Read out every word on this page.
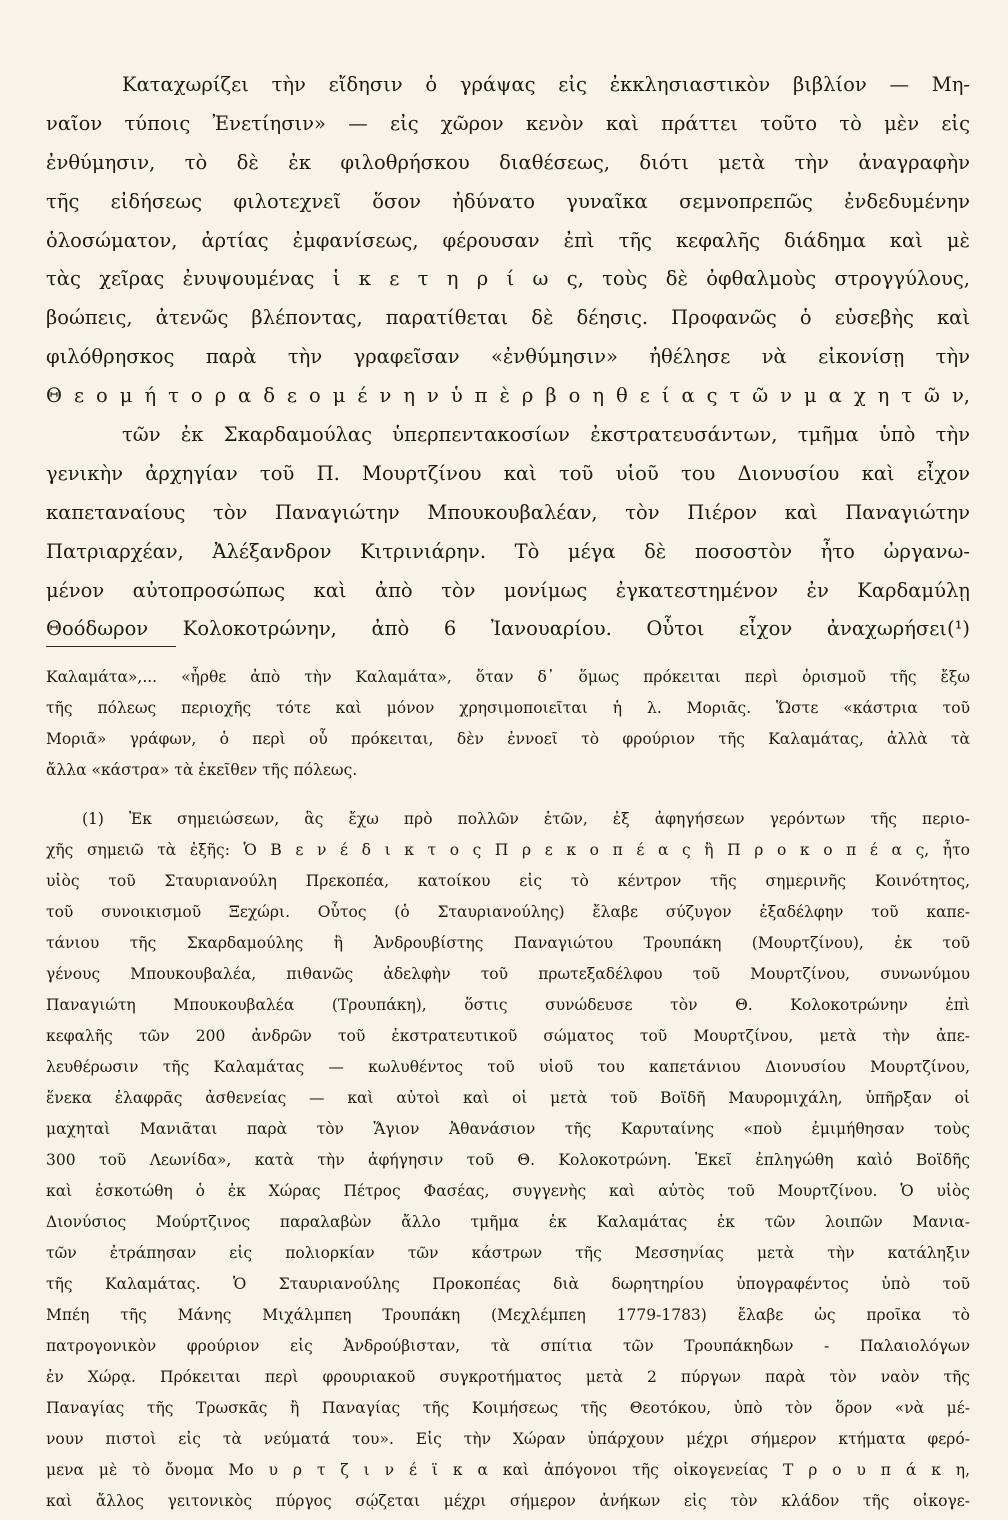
Καταχωρίζει τὴν εἴδησιν ὁ γράψας εἰς ἐκκλησιαστικὸν βιβλίον — Μη-
ναῖον τύποις Ἐνετίησιν» — εἰς χῶρον κενὸν καὶ πράττει τοῦτο τὸ μὲν εἰς
ἐνθύμησιν, τὸ δὲ ἐκ φιλοθρήσκου διαθέσεως, διότι μετὰ τὴν ἀναγραφὴν
τῆς εἰδήσεως φιλοτεχνεῖ ὅσον ἠδύνατο γυναῖκα σεμνοπρεπῶς ἐνδεδυμένην
ὁλοσώματον, ἀρτίας ἐμφανίσεως, φέρουσαν ἐπὶ τῆς κεφαλῆς διάδημα καὶ μὲ
τὰς χεῖρας ἐνυψουμένας ἱ κ ε τ η ρ ί ω ς, τοὺς δὲ ὀφθαλμοὺς στρογγύλους,
βοώπεις, ἀτενῶς βλέποντας, παρατίθεται δὲ δέησις. Προφανῶς ὁ εὐσεβὴς καὶ
φιλόθρησκος παρὰ τὴν γραφεῖσαν «ἐνθύμησιν» ἠθέλησε νὰ εἰκονίσῃ τὴν
Θ ε ο μ ή τ ο ρ α δ ε ο μ έ ν η ν ὑ π ὲ ρ β ο η θ ε ί α ς τ ῶ ν μ α χ η τ ῶ ν,
τῶν ἐκ Σκαρδαμούλας ὑπερπεντακοσίων ἐκστρατευσάντων, τμῆμα ὑπὸ τὴν
γενικὴν ἀρχηγίαν τοῦ Π. Μουρτζίνου καὶ τοῦ υἱοῦ του Διονυσίου καὶ εἶχον
καπεταναίους τὸν Παναγιώτην Μπουκουβαλέαν, τὸν Πιέρον καὶ Παναγιώτην
Πατριαρχέαν, Ἀλέξανδρον Κιτρινιάρην. Τὸ μέγα δὲ ποσοστὸν ἦτο ὠργανω-
μένον αὐτοπροσώπως καὶ ἀπὸ τὸν μονίμως ἐγκατεστημένον ἐν Καρδαμύλῃ
Θοόδωρον Κολοκοτρώνην, ἀπὸ 6 Ἰανουαρίου. Οὗτοι εἶχον ἀναχωρήσει(¹)
Καλαμάτα»,... «ἦρθε ἀπὸ τὴν Καλαμάτα», ὅταν δ᾿ ὅμως πρόκειται περὶ ὁρισμοῦ τῆς ἔξω
τῆς πόλεως περιοχῆς τότε καὶ μόνον χρησιμοποιεῖται ἡ λ. Μοριᾶς. Ὥστε «κάστρια τοῦ
Μοριᾶ» γράφων, ὁ περὶ οὗ πρόκειται, δὲν ἐννοεῖ τὸ φρούριον τῆς Καλαμάτας, ἀλλὰ τὰ
ἄλλα «κάστρα» τὰ ἐκεῖθεν τῆς πόλεως.
(1) Ἐκ σημειώσεων, ἃς ἔχω πρὸ πολλῶν ἐτῶν, ἐξ ἀφηγήσεων γερόντων τῆς περιο-
χῆς σημειῶ τὰ ἑξῆς: Ὁ Β ε ν έ δ ι κ τ ο ς Π ρ ε κ ο π έ α ς ἢ Π ρ ο κ ο π έ α ς, ἦτο
υἱὸς τοῦ Σταυριανούλη Πρεκοπέα, κατοίκου εἰς τὸ κέντρον τῆς σημερινῆς Κοινότητος,
τοῦ συνοικισμοῦ Ξεχώρι. Οὗτος (ὁ Σταυριανούλης) ἔλαβε σύζυγον ἐξαδέλφην τοῦ καπε-
τάνιου τῆς Σκαρδαμούλης ἢ Ἀνδρουβίστης Παναγιώτου Τρουπάκη (Μουρτζίνου), ἐκ τοῦ
γένους Μπουκουβαλέα, πιθανῶς ἀδελφὴν τοῦ πρωτεξαδέλφου τοῦ Μουρτζίνου, συνωνύμου
Παναγιώτη Μπουκουβαλέα (Τρουπάκη), ὅστις συνώδευσε τὸν Θ. Κολοκοτρώνην ἐπὶ
κεφαλῆς τῶν 200 ἀνδρῶν τοῦ ἐκστρατευτικοῦ σώματος τοῦ Μουρτζίνου, μετὰ τὴν ἀπε-
λευθέρωσιν τῆς Καλαμάτας — κωλυθέντος τοῦ υἱοῦ του καπετάνιου Διονυσίου Μουρτζίνου,
ἕνεκα ἐλαφρᾶς ἀσθενείας — καὶ αὐτοὶ καὶ οἱ μετὰ τοῦ Βοϊδῆ Μαυρομιχάλη, ὑπῆρξαν οἱ
μαχηταὶ Μανιᾶται παρὰ τὸν Ἅγιον Ἀθανάσιον τῆς Καρυταίνης «ποὺ ἐμιμήθησαν τοὺς
300 τοῦ Λεωνίδα», κατὰ τὴν ἀφήγησιν τοῦ Θ. Κολοκοτρώνη. Ἐκεῖ ἐπληγώθη καὶὁ Βοϊδῆς
καὶ ἐσκοτώθη ὁ ἐκ Χώρας Πέτρος Φασέας, συγγενὴς καὶ αὐτὸς τοῦ Μουρτζίνου. Ὁ υἱὸς
Διονύσιος Μούρτζινος παραλαβὼν ἄλλο τμῆμα ἐκ Καλαμάτας ἐκ τῶν λοιπῶν Μανια-
τῶν ἐτράπησαν εἰς πολιορκίαν τῶν κάστρων τῆς Μεσσηνίας μετὰ τὴν κατάληξιν
τῆς Καλαμάτας. Ὁ Σταυριανούλης Προκοπέας διὰ δωρητηρίου ὑπογραφέντος ὑπὸ τοῦ
Μπέη τῆς Μάνης Μιχάλμπεη Τρουπάκη (Μεχλέμπεη 1779-1783) ἔλαβε ὡς προῖκα τὸ
πατρογονικὸν φρούριον εἰς Ἀνδρούβισταν, τὰ σπίτια τῶν Τρουπάκηδων - Παλαιολόγων
ἐν Χώρᾳ. Πρόκειται περὶ φρουριακοῦ συγκροτήματος μετὰ 2 πύργων παρὰ τὸν ναὸν τῆς
Παναγίας τῆς Τρωσκᾶς ἢ Παναγίας τῆς Κοιμήσεως τῆς Θεοτόκου, ὑπὸ τὸν ὅρον «νὰ μέ-
νουν πιστοὶ εἰς τὰ νεύματά του». Εἰς τὴν Χώραν ὑπάρχουν μέχρι σήμερον κτήματα φερό-
μενα μὲ τὸ ὄνομα Μο υ ρ τ ζ ι ν έ ϊ κ α καὶ ἀπόγονοι τῆς οἰκογενείας Τ ρ ο υ π ά κ η,
καὶ ἄλλος γειτονικὸς πύργος σῴζεται μέχρι σήμερον ἀνήκων εἰς τὸν κλάδον τῆς οἰκογε-
